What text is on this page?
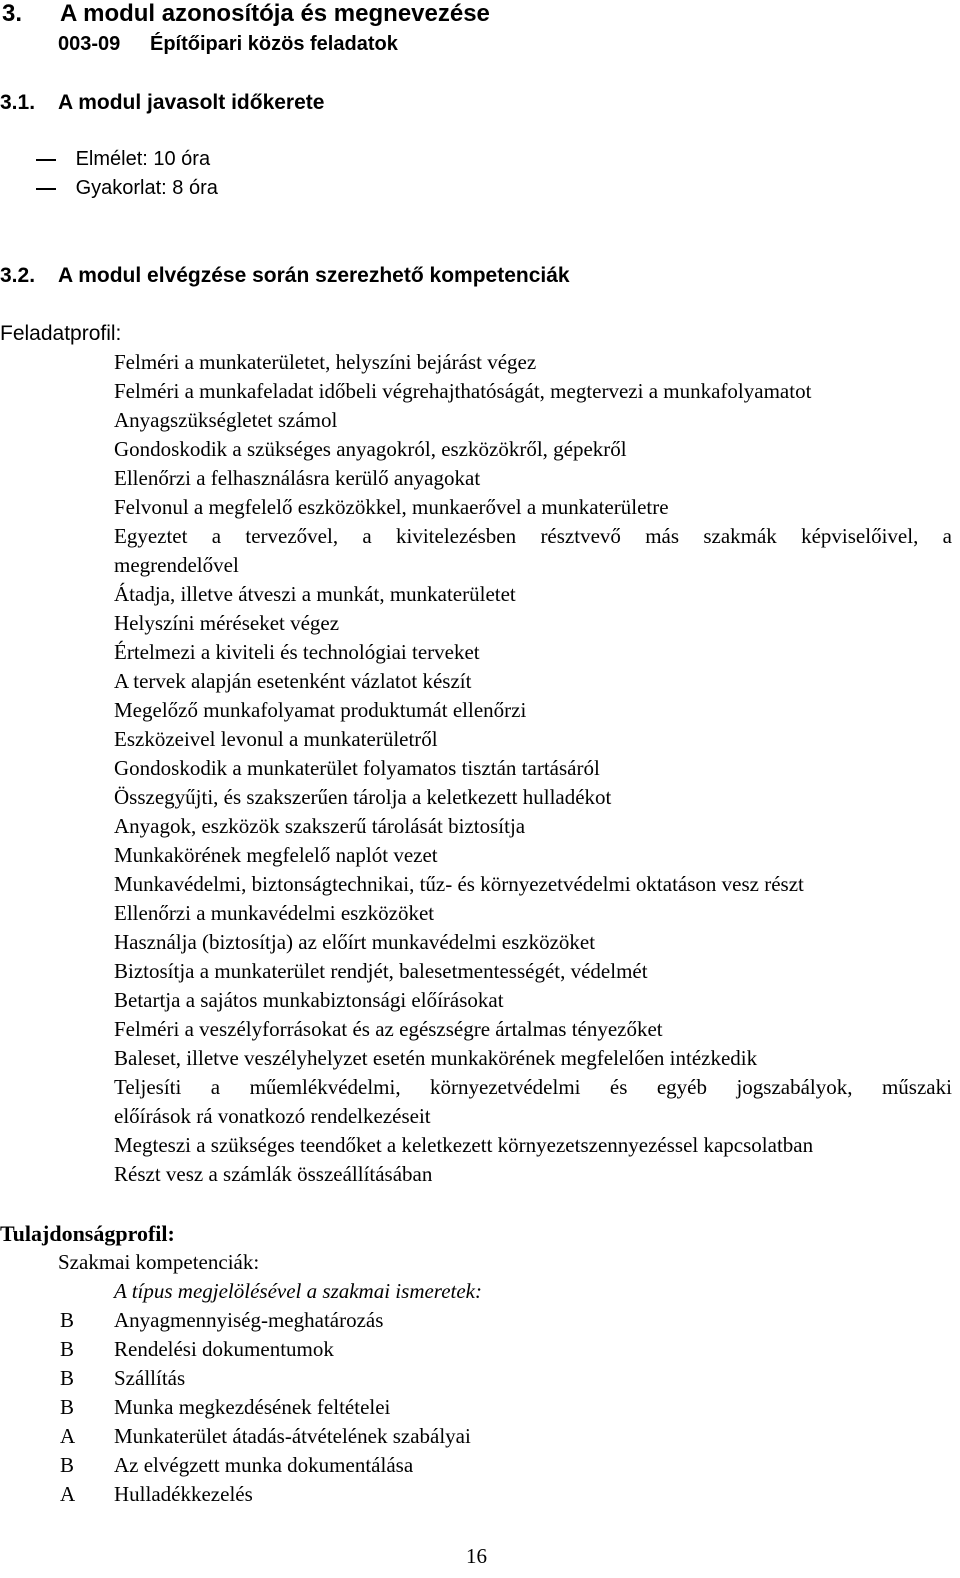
3. A modul azonosítója és megnevezése
003-09 Építőipari közös feladatok
3.1. A modul javasolt időkerete
Elmélet: 10 óra
Gyakorlat: 8 óra
3.2. A modul elvégzése során szerezhető kompetenciák
Feladatprofil:
Felméri a munkaterületet, helyszíni bejárást végez
Felméri a munkafeladat időbeli végrehajthatóságát, megtervezi a munkafolyamatot
Anyagszükségletet számol
Gondoskodik a szükséges anyagokról, eszközökről, gépekről
Ellenőrzi a felhasználásra kerülő anyagokat
Felvonul a megfelelő eszközökkel, munkaerővel a munkaterületre
Egyeztet a tervezővel, a kivitelezésben résztvevő más szakmák képviselőivel, a
megrendelővel
Átadja, illetve átveszi a munkát, munkaterületet
Helyszíni méréseket végez
Értelmezi a kiviteli és technológiai terveket
A tervek alapján esetenként vázlatot készít
Megelőző munkafolyamat produktumát ellenőrzi
Eszközeivel levonul a munkaterületről
Gondoskodik a munkaterület folyamatos tisztán tartásáról
Összegyűjti, és szakszerűen tárolja a keletkezett hulladékot
Anyagok, eszközök szakszerű tárolását biztosítja
Munkakörének megfelelő naplót vezet
Munkavédelmi, biztonságtechnikai, tűz- és környezetvédelmi oktatáson vesz részt
Ellenőrzi a munkavédelmi eszközöket
Használja (biztosítja) az előírt munkavédelmi eszközöket
Biztosítja a munkaterület rendjét, balesetmentességét, védelmét
Betartja a sajátos munkabiztonsági előírásokat
Felméri a veszélyforrásokat és az egészségre ártalmas tényezőket
Baleset, illetve veszélyhelyzet esetén munkakörének megfelelően intézkedik
Teljesíti a műemlékvédelmi, környezetvédelmi és egyéb jogszabályok, műszaki
előírások rá vonatkozó rendelkezéseit
Megteszi a szükséges teendőket a keletkezett környezetszennyezéssel kapcsolatban
Részt vesz a számlák összeállításában
Tulajdonságprofil:
Szakmai kompetenciák:
A típus megjelölésével a szakmai ismeretek:
B Anyagmennyiség-meghatározás
B Rendelési dokumentumok
B Szállítás
B Munka megkezdésének feltételei
A Munkaterület átadás-átvételének szabályai
B Az elvégzett munka dokumentálása
A Hulladékkezelés
16
